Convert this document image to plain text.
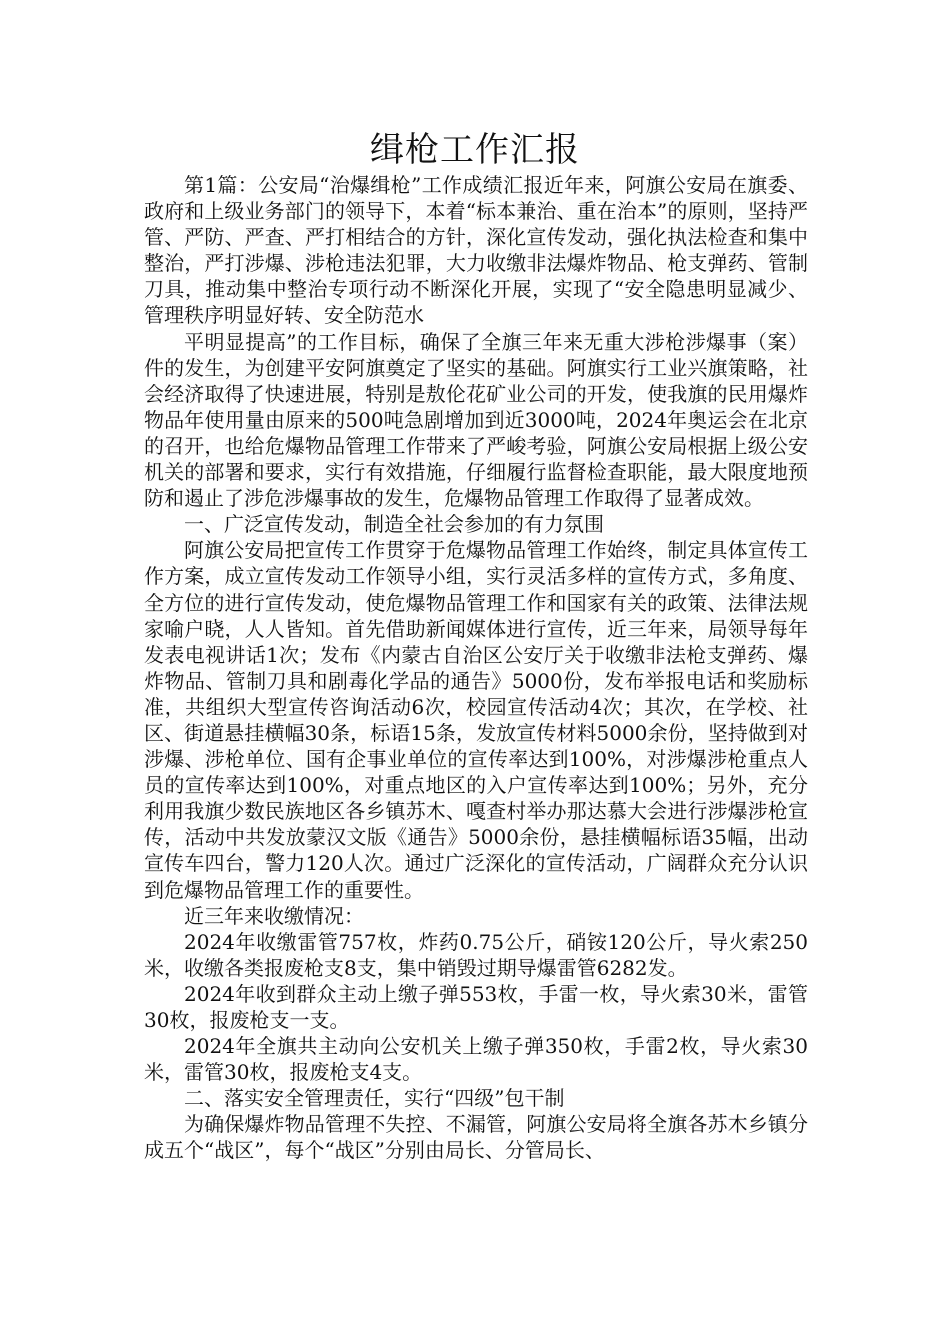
缉枪工作汇报

第1篇：公安局“治爆缉枪”工作成绩汇报近年来，阿旗公安局在旗委、政府和上级业务部门的领导下，本着“标本兼治、重在治本”的原则，坚持严管、严防、严查、严打相结合的方针，深化宣传发动，强化执法检查和集中整治，严打涉爆、涉枪违法犯罪，大力收缴非法爆炸物品、枪支弹药、管制刀具，推动集中整治专项行动不断深化开展，实现了“安全隐患明显减少、管理秩序明显好转、安全防范水

平明显提高”的工作目标，确保了全旗三年来无重大涉枪涉爆事（案）件的发生，为创建平安阿旗奠定了坚实的基础。阿旗实行工业兴旗策略，社会经济取得了快速进展，特别是敖伦花矿业公司的开发，使我旗的民用爆炸物品年使用量由原来的500吨急剧增加到近3000吨，2024年奥运会在北京的召开，也给危爆物品管理工作带来了严峻考验，阿旗公安局根据上级公安机关的部署和要求，实行有效措施，仔细履行监督检查职能，最大限度地预防和遏止了涉危涉爆事故的发生，危爆物品管理工作取得了显著成效。

一、广泛宣传发动，制造全社会参加的有力氛围

阿旗公安局把宣传工作贯穿于危爆物品管理工作始终，制定具体宣传工作方案，成立宣传发动工作领导小组，实行灵活多样的宣传方式，多角度、全方位的进行宣传发动，使危爆物品管理工作和国家有关的政策、法律法规家喻户晓，人人皆知。首先借助新闻媒体进行宣传，近三年来，局领导每年发表电视讲话1次；发布《内蒙古自治区公安厅关于收缴非法枪支弹药、爆炸物品、管制刀具和剧毒化学品的通告》5000份，发布举报电话和奖励标准，共组织大型宣传咨询活动6次，校园宣传活动4次；其次，在学校、社区、街道悬挂横幅30条，标语15条，发放宣传材料5000余份，坚持做到对涉爆、涉枪单位、国有企事业单位的宣传率达到100%，对涉爆涉枪重点人员的宣传率达到100%，对重点地区的入户宣传率达到100%；另外，充分利用我旗少数民族地区各乡镇苏木、嘎查村举办那达慕大会进行涉爆涉枪宣传，活动中共发放蒙汉文版《通告》5000余份，悬挂横幅标语35幅，出动宣传车四台，警力120人次。通过广泛深化的宣传活动，广阔群众充分认识到危爆物品管理工作的重要性。

近三年来收缴情况：

2024年收缴雷管757枚，炸药0.75公斤，硝铵120公斤，导火索250米，收缴各类报废枪支8支，集中销毁过期导爆雷管6282发。

2024年收到群众主动上缴子弹553枚，手雷一枚，导火索30米，雷管30枚，报废枪支一支。

2024年全旗共主动向公安机关上缴子弹350枚，手雷2枚，导火索30米，雷管30枚，报废枪支4支。

二、落实安全管理责任，实行“四级”包干制

为确保爆炸物品管理不失控、不漏管，阿旗公安局将全旗各苏木乡镇分成五个“战区”，每个“战区”分别由局长、分管局长、
